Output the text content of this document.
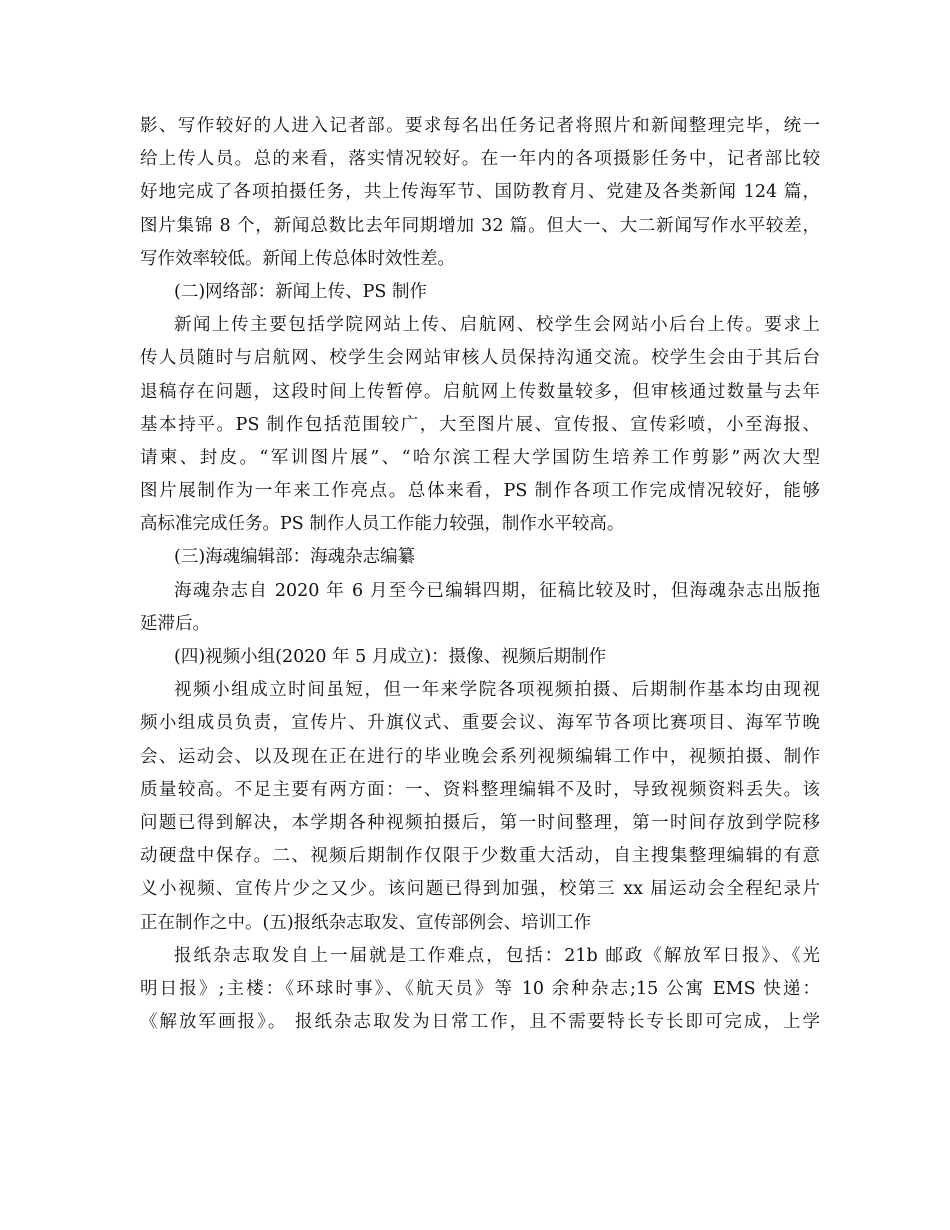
影、写作较好的人进入记者部。要求每名出任务记者将照片和新闻整理完毕，统一
给上传人员。总的来看，落实情况较好。在一年内的各项摄影任务中，记者部比较
好地完成了各项拍摄任务，共上传海军节、国防教育月、党建及各类新闻 124 篇，
图片集锦 8 个，新闻总数比去年同期增加 32 篇。但大一、大二新闻写作水平较差，
写作效率较低。新闻上传总体时效性差。
(二)网络部：新闻上传、PS 制作
新闻上传主要包括学院网站上传、启航网、校学生会网站小后台上传。要求上
传人员随时与启航网、校学生会网站审核人员保持沟通交流。校学生会由于其后台
退稿存在问题，这段时间上传暂停。启航网上传数量较多，但审核通过数量与去年
基本持平。PS 制作包括范围较广，大至图片展、宣传报、宣传彩喷，小至海报、
请柬、封皮。“军训图片展”、“哈尔滨工程大学国防生培养工作剪影”两次大型
图片展制作为一年来工作亮点。总体来看，PS 制作各项工作完成情况较好，能够
高标准完成任务。PS 制作人员工作能力较强，制作水平较高。
(三)海魂编辑部：海魂杂志编纂
海魂杂志自 2020 年 6 月至今已编辑四期，征稿比较及时，但海魂杂志出版拖
延滞后。
(四)视频小组(2020 年 5 月成立)：摄像、视频后期制作
视频小组成立时间虽短，但一年来学院各项视频拍摄、后期制作基本均由现视
频小组成员负责，宣传片、升旗仪式、重要会议、海军节各项比赛项目、海军节晚
会、运动会、以及现在正在进行的毕业晚会系列视频编辑工作中，视频拍摄、制作
质量较高。不足主要有两方面：一、资料整理编辑不及时，导致视频资料丢失。该
问题已得到解决，本学期各种视频拍摄后，第一时间整理，第一时间存放到学院移
动硬盘中保存。二、视频后期制作仅限于少数重大活动，自主搜集整理编辑的有意
义小视频、宣传片少之又少。该问题已得到加强，校第三 xx 届运动会全程纪录片
正在制作之中。(五)报纸杂志取发、宣传部例会、培训工作
报纸杂志取发自上一届就是工作难点，包括：21b 邮政《解放军日报》、《光
明日报》;主楼：《环球时事》、《航天员》等 10 余种杂志;15 公寓 EMS 快递：
《解放军画报》。 报纸杂志取发为日常工作，且不需要特长专长即可完成，上学
